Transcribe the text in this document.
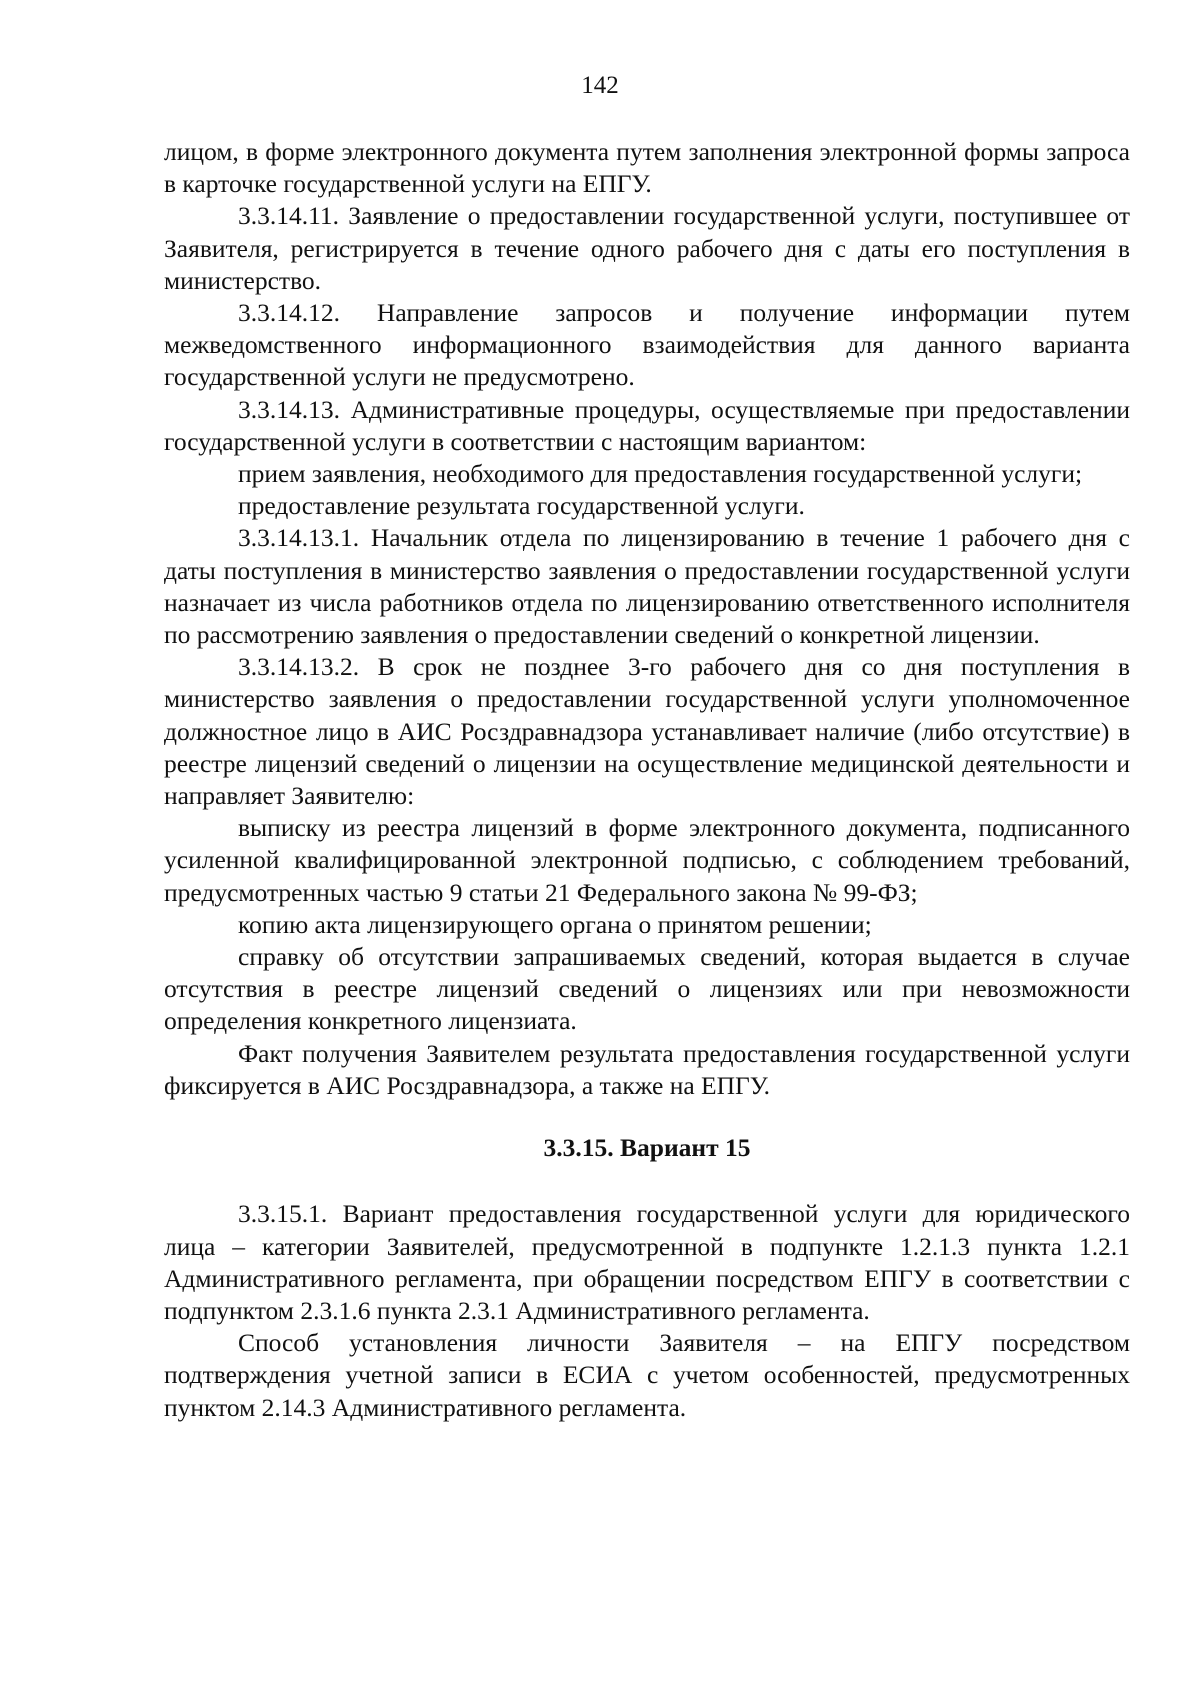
142

лицом, в форме электронного документа путем заполнения электронной формы запроса в карточке государственной услуги на ЕПГУ.

3.3.14.11. Заявление о предоставлении государственной услуги, поступившее от Заявителя, регистрируется в течение одного рабочего дня с даты его поступления в министерство.

3.3.14.12. Направление запросов и получение информации путем межведомственного информационного взаимодействия для данного варианта государственной услуги не предусмотрено.

3.3.14.13. Административные процедуры, осуществляемые при предоставлении государственной услуги в соответствии с настоящим вариантом:

прием заявления, необходимого для предоставления государственной услуги;

предоставление результата государственной услуги.

3.3.14.13.1. Начальник отдела по лицензированию в течение 1 рабочего дня с даты поступления в министерство заявления о предоставлении государственной услуги назначает из числа работников отдела по лицензированию ответственного исполнителя по рассмотрению заявления о предоставлении сведений о конкретной лицензии.

3.3.14.13.2. В срок не позднее 3-го рабочего дня со дня поступления в министерство заявления о предоставлении государственной услуги уполномоченное должностное лицо в АИС Росздравнадзора устанавливает наличие (либо отсутствие) в реестре лицензий сведений о лицензии на осуществление медицинской деятельности и направляет Заявителю:

выписку из реестра лицензий в форме электронного документа, подписанного усиленной квалифицированной электронной подписью, с соблюдением требований, предусмотренных частью 9 статьи 21 Федерального закона № 99-ФЗ;

копию акта лицензирующего органа о принятом решении;

справку об отсутствии запрашиваемых сведений, которая выдается в случае отсутствия в реестре лицензий сведений о лицензиях или при невозможности определения конкретного лицензиата.

Факт получения Заявителем результата предоставления государственной услуги фиксируется в АИС Росздравнадзора, а также на ЕПГУ.

3.3.15. Вариант 15

3.3.15.1. Вариант предоставления государственной услуги для юридического лица – категории Заявителей, предусмотренной в подпункте 1.2.1.3 пункта 1.2.1 Административного регламента, при обращении посредством ЕПГУ в соответствии с подпунктом 2.3.1.6 пункта 2.3.1 Административного регламента.

Способ установления личности Заявителя – на ЕПГУ посредством подтверждения учетной записи в ЕСИА с учетом особенностей, предусмотренных пунктом 2.14.3 Административного регламента.
